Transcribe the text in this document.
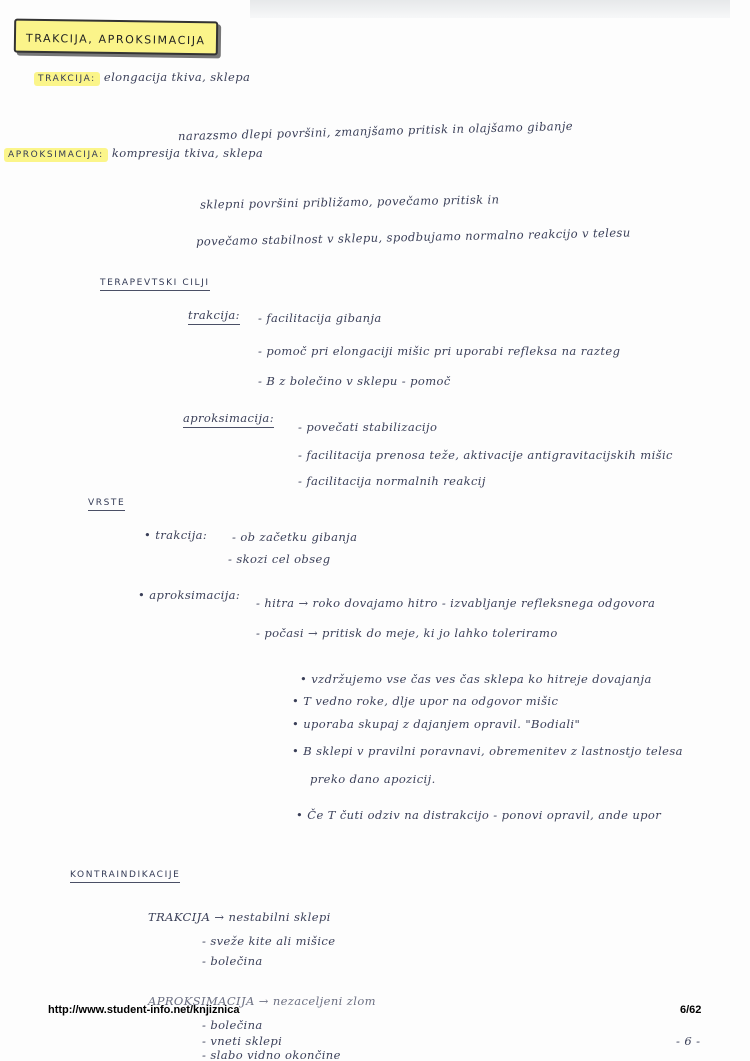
TRAKCIJA, APROKSIMACIJA
TRAKCIJA: elongacija tkiva, sklepa
narazsmo dlepi površini, zmanjšamo pritisk in olajšamo gibanje
APROKSIMACIJA: kompresija tkiva, sklepa
sklepni površini približamo, povečamo pritisk in
povečamo stabilnost v sklepu, spodbujamo normalno reakcijo v telesu
TERAPEVTSKI CILJI
trakcija: - facilitacija gibanja
- pomoč pri elongaciji mišic pri uporabi refleksa na razteg
- B z bolečino v sklepu - pomoč
aproksimacija:
- povečati stabilizacijo
- facilitacija prenosa teže, aktivacije antigravitacijskih mišic
- facilitacija normalnih reakcij
VRSTE
• trakcija: - ob začetku gibanja
- skozi cel obseg
• aproksimacija:
- hitra → roko dovajamo hitro - izvabljanje refleksnega odgovora
- počasi → pritisk do meje, ki jo lahko toleriramo
• vzdržujemo vse čas ves čas sklepa ko hitreje dovajanja
• T vedno roke, dlje upor na odgovor mišic
• uporaba skupaj z dajanjem opravil. "Bodiali"
• B sklepi v pravilni poravnavi, obremenitev z lastnostjo telesa
preko dano apozicij.
• Če T čuti odziv na distrakcijo - ponovi opravil, ande upor
KONTRAINDIKACIJE
TRAKCIJA → nestabilni sklepi
- sveže kite ali mišice
- bolečina
APROKSIMACIJA → nezaceljeni zlom
- bolečina
- vneti sklepi
- slabo vidno okončine
- 6 -
http://www.student-info.net/knjiznica	6/62
